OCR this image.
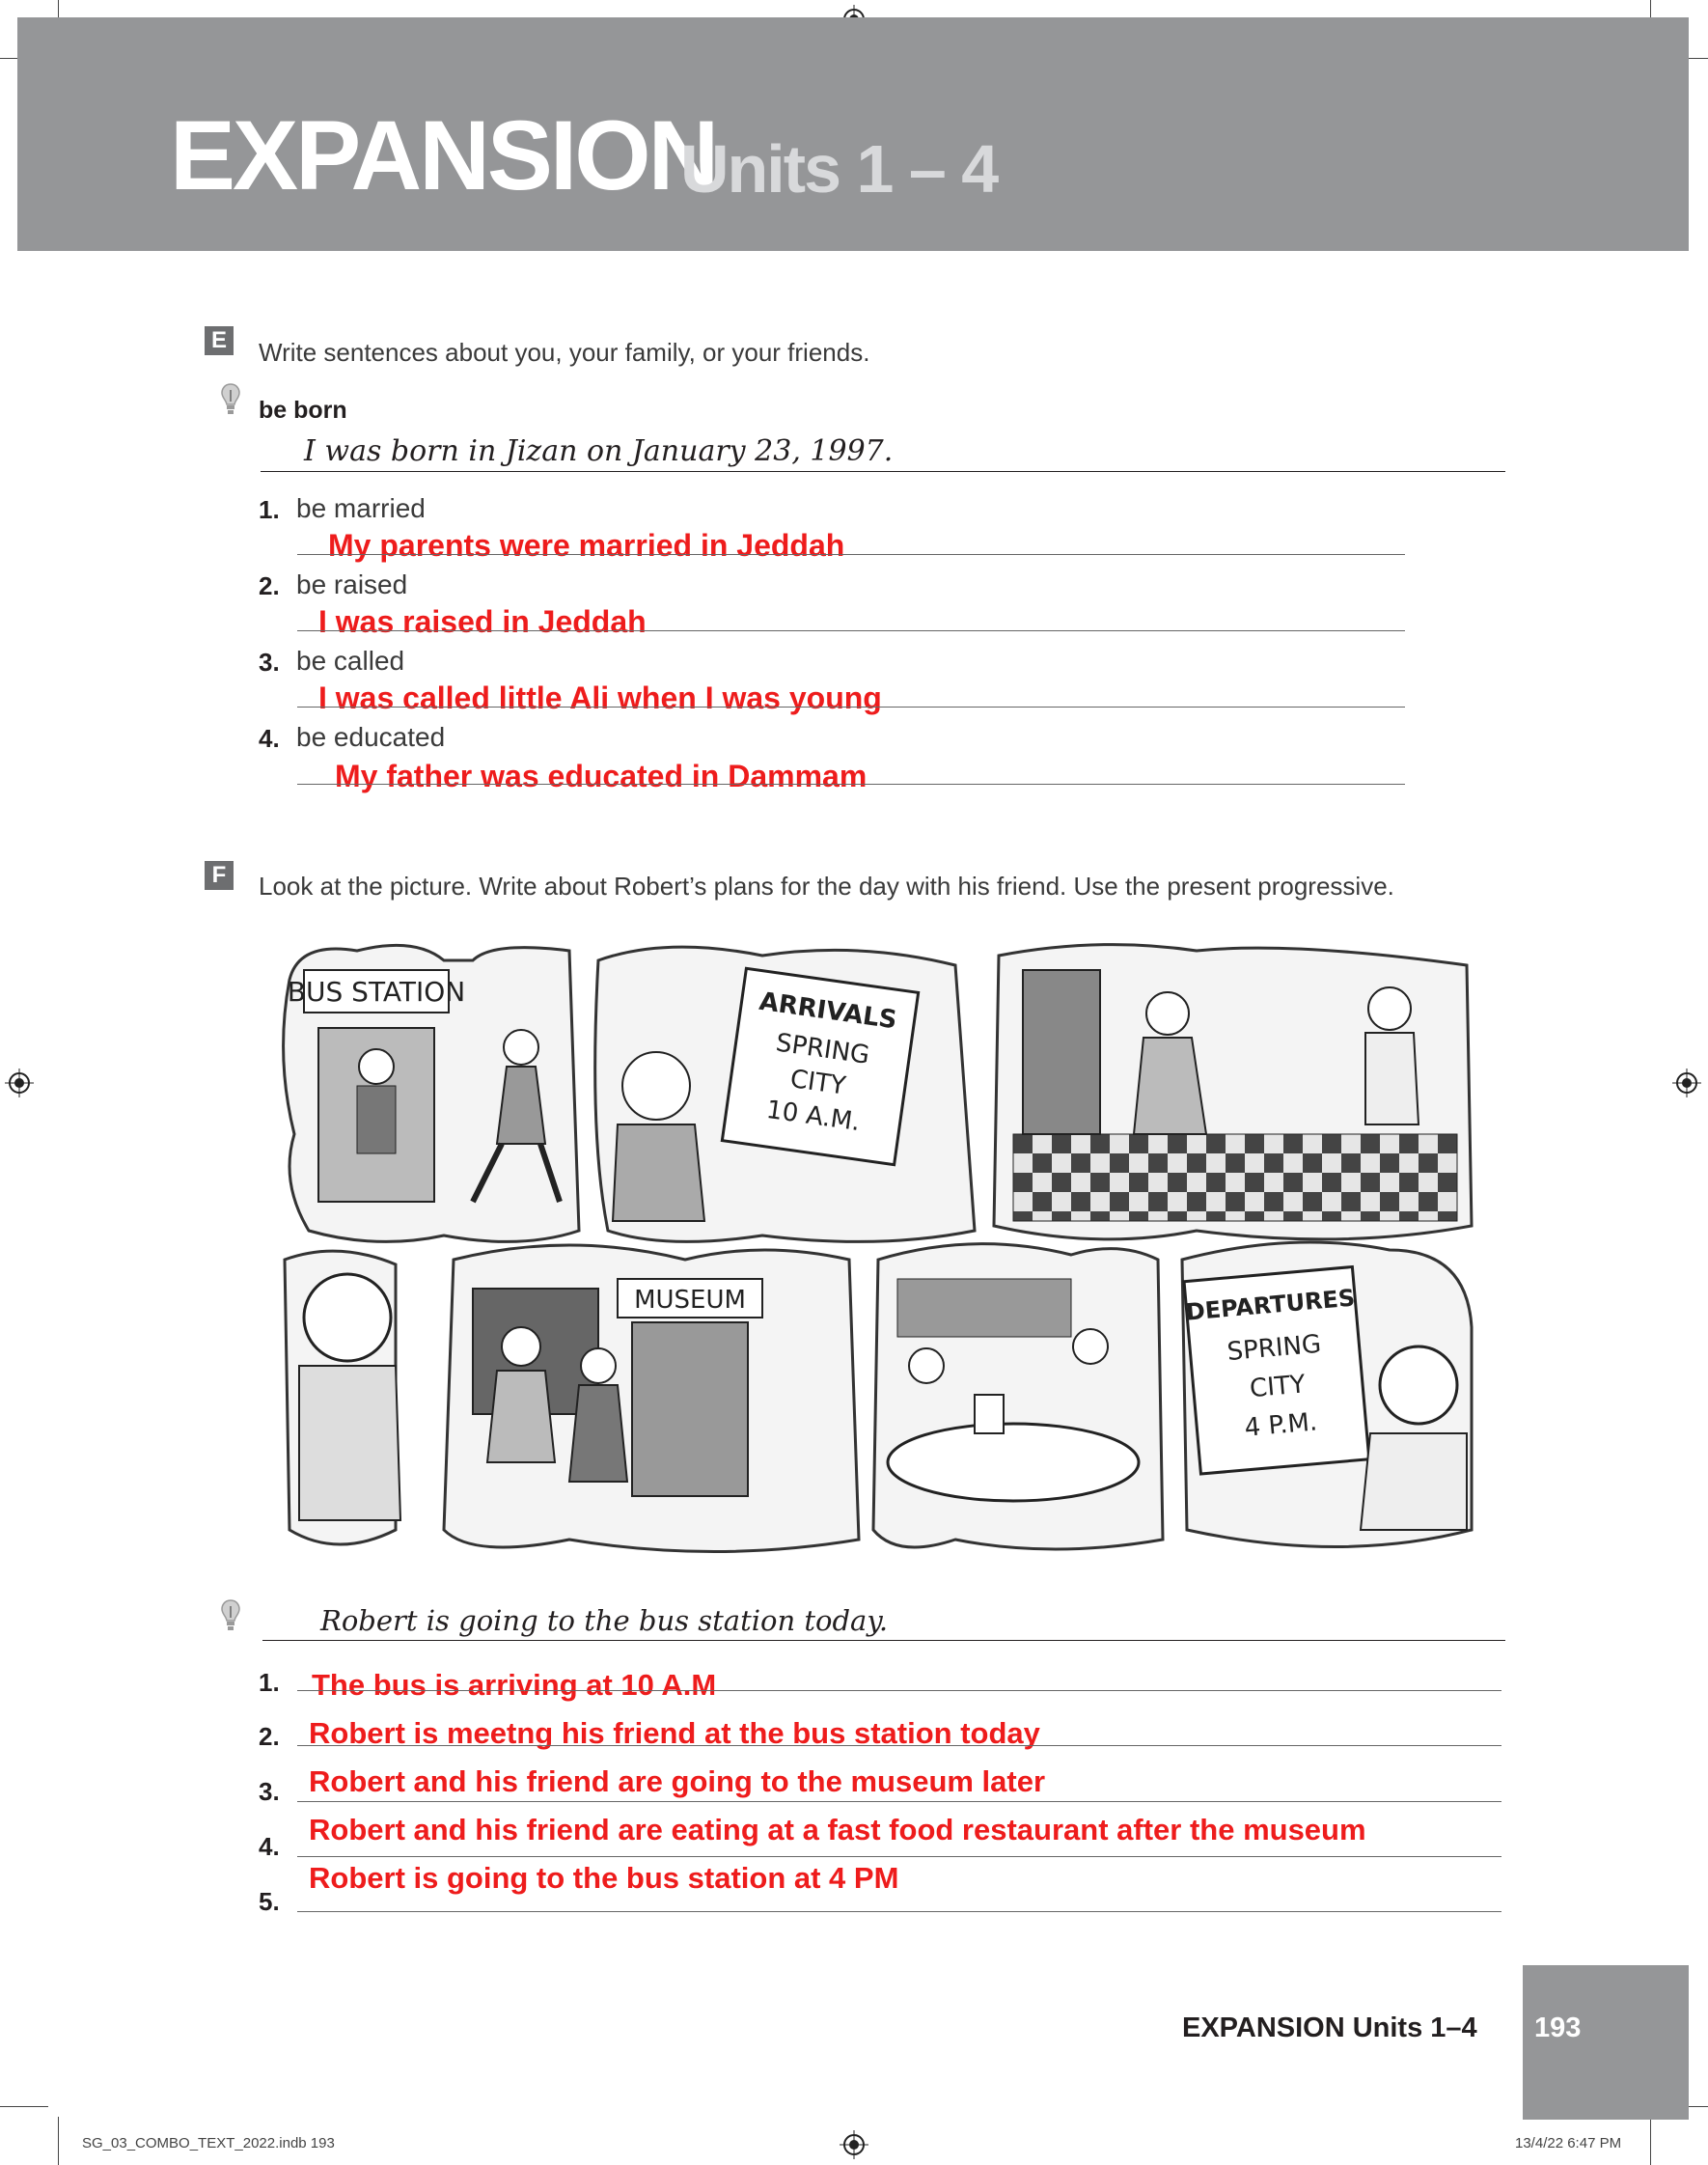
EXPANSION
Units 1 – 4
E Write sentences about you, your family, or your friends.
be born
I was born in Jizan on January 23, 1997.
1. be married
My parents were married in Jeddah
2. be raised
I was raised in Jeddah
3. be called
I was called little Ali when I was young
4. be educated
My father was educated in Dammam
F Look at the picture. Write about Robert’s plans for the day with his friend. Use the present progressive.
BUS STATION	ARRIVALS
SPRING
CITY
10 A.M.
MUSEUM	DEPARTURES
SPRING
CITY
4 P.M.
Robert is going to the bus station today.
1. The bus is arriving at 10 A.M
2. Robert is meetng his friend at the bus station today
3. Robert and his friend are going to the museum later
4. Robert and his friend are eating at a fast food restaurant after the museum
5.
Robert is going to the bus station at 4 PM
EXPANSION Units 1–4 193
SG_03_COMBO_TEXT_2022.indb 193	13/4/22 6:47 PM
